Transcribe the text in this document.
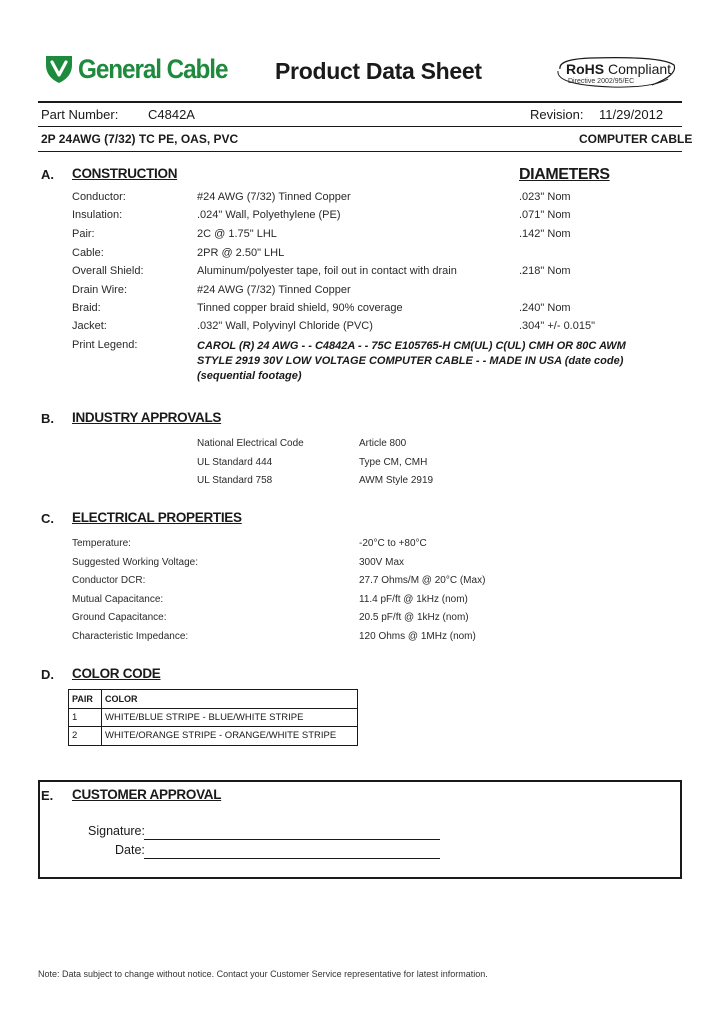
General Cable Product Data Sheet	RoHS Compliant
Directive 2002/95/EC
Part Number: C4842A	Revision: 11/29/2012
2P 24AWG (7/32) TC PE, OAS, PVC	COMPUTER CABLE
A. CONSTRUCTION	DIAMETERS
Conductor:	#24 AWG (7/32) Tinned Copper	.023" Nom
Insulation:	.024" Wall, Polyethylene (PE)	.071" Nom
Pair:	2C @ 1.75" LHL	.142" Nom
Cable:	2PR @ 2.50" LHL
Overall Shield:	Aluminum/polyester tape, foil out in contact with drain	.218" Nom
Drain Wire:	#24 AWG (7/32) Tinned Copper
Braid:	Tinned copper braid shield, 90% coverage	.240" Nom
Jacket:	.032" Wall, Polyvinyl Chloride (PVC)	.304" +/- 0.015"
Print Legend:	CAROL (R) 24 AWG - - C4842A - - 75C E105765-H CM(UL) C(UL) CMH OR 80C AWM STYLE 2919 30V LOW VOLTAGE COMPUTER CABLE - - MADE IN USA (date code) (sequential footage)
B. INDUSTRY APPROVALS
National Electrical Code	Article 800
UL Standard 444	Type CM, CMH
UL Standard 758	AWM Style 2919
C. ELECTRICAL PROPERTIES
Temperature:	-20°C to +80°C
Suggested Working Voltage:	300V Max
Conductor DCR:	27.7 Ohms/M @ 20°C (Max)
Mutual Capacitance:	11.4 pF/ft @ 1kHz (nom)
Ground Capacitance:	20.5 pF/ft @ 1kHz (nom)
Characteristic Impedance:	120 Ohms @ 1MHz (nom)
D. COLOR CODE
PAIR	COLOR
1	WHITE/BLUE STRIPE - BLUE/WHITE STRIPE
2	WHITE/ORANGE STRIPE - ORANGE/WHITE STRIPE
E. CUSTOMER APPROVAL
Signature:
Date:
Note: Data subject to change without notice. Contact your Customer Service representative for latest information.
